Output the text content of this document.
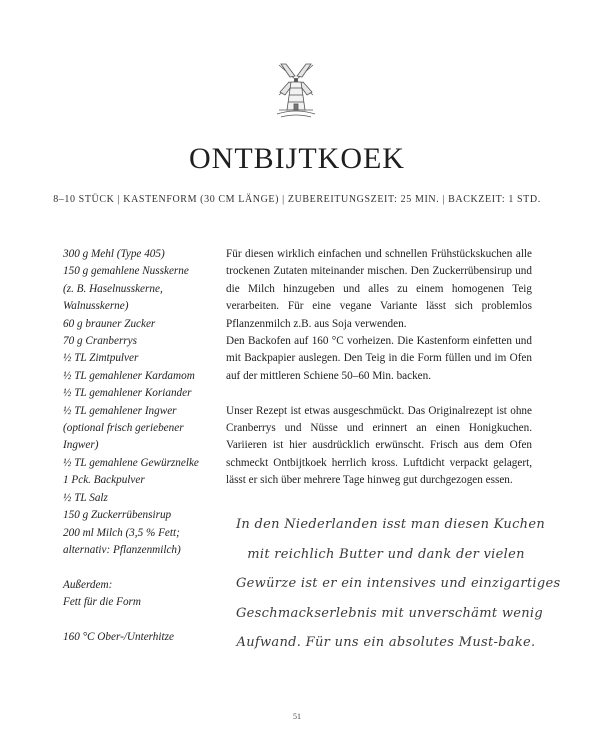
ONTBIJTKOEK
8–10 STÜCK | KASTENFORM (30 CM LÄNGE) | ZUBEREITUNGSZEIT: 25 MIN. | BACKZEIT: 1 STD.
300 g Mehl (Type 405)
150 g gemahlene Nusskerne
(z. B. Haselnusskerne,
Walnusskerne)
60 g brauner Zucker
70 g Cranberrys
½ TL Zimtpulver
½ TL gemahlener Kardamom
½ TL gemahlener Koriander
½ TL gemahlener Ingwer
(optional frisch geriebener
Ingwer)
½ TL gemahlene Gewürznelke
1 Pck. Backpulver
½ TL Salz
150 g Zuckerrübensirup
200 ml Milch (3,5 % Fett;
alternativ: Pflanzenmilch)
Außerdem:
Fett für die Form
160 °C Ober-/Unterhitze

Für diesen wirklich einfachen und schnellen Frühstückskuchen alle trockenen Zutaten miteinander mischen. Den Zuckerrübensirup und die Milch hinzugeben und alles zu einem homogenen Teig verarbeiten. Für eine vegane Variante lässt sich problemlos Pflanzenmilch z.B. aus Soja verwenden.

Den Backofen auf 160 °C vorheizen. Die Kastenform einfetten und mit Backpapier auslegen. Den Teig in die Form füllen und im Ofen auf der mittleren Schiene 50–60 Min. backen.

Unser Rezept ist etwas ausgeschmückt. Das Originalrezept ist ohne Cranberrys und Nüsse und erinnert an einen Honigkuchen. Variieren ist hier ausdrücklich erwünscht. Frisch aus dem Ofen schmeckt Ontbijtkoek herrlich kross. Luftdicht verpackt gelagert, lässt er sich über mehrere Tage hinweg gut durchgezogen essen.

In den Niederlanden isst man diesen Kuchen
mit reichlich Butter und dank der vielen
Gewürze ist er ein intensives und einzigartiges
Geschmackserlebnis mit unverschämt wenig
Aufwand. Für uns ein absolutes Must-bake.
51
